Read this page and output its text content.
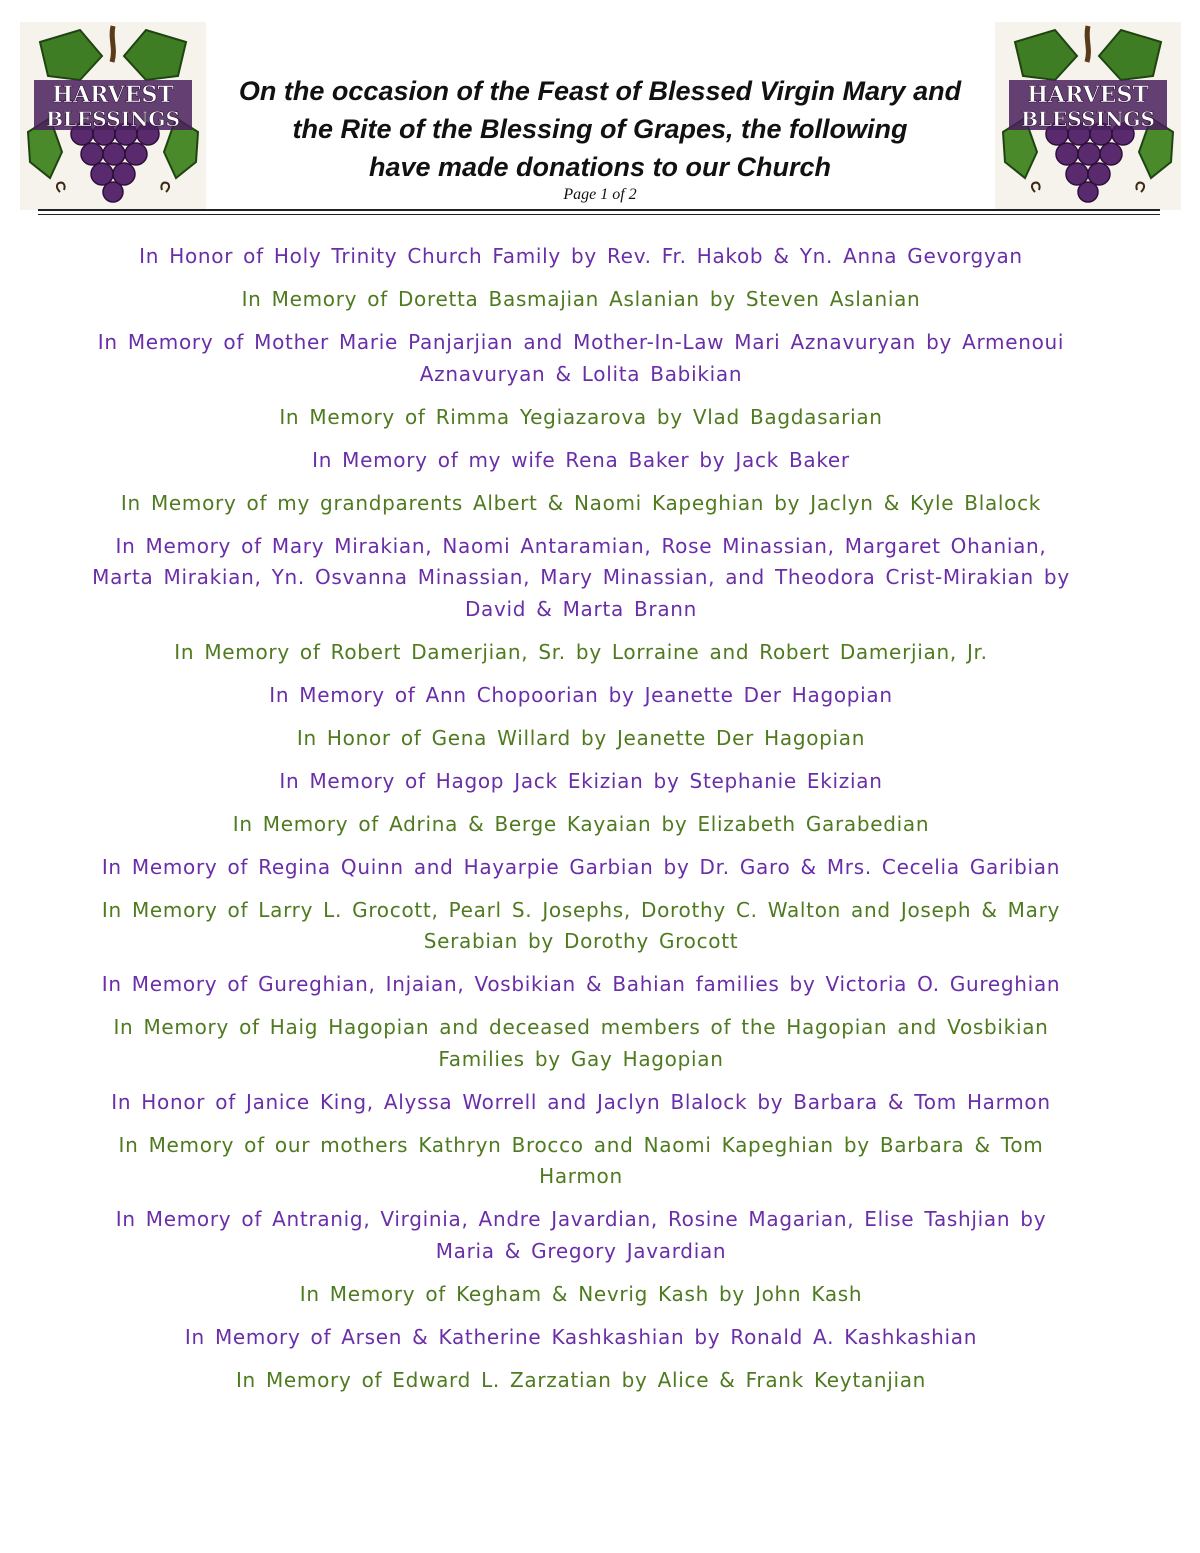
HARVEST
BLESSINGS
On the occasion of the Feast of Blessed Virgin Mary and
the Rite of the Blessing of Grapes, the following
have made donations to our Church
Page 1 of 2
HARVEST
BLESSINGS
In Honor of Holy Trinity Church Family by Rev. Fr. Hakob & Yn. Anna Gevorgyan
In Memory of Doretta Basmajian Aslanian by Steven Aslanian
In Memory of Mother Marie Panjarjian and Mother-In-Law Mari Aznavuryan by Armenoui Aznavuryan & Lolita Babikian
In Memory of Rimma Yegiazarova by Vlad Bagdasarian
In Memory of my wife Rena Baker by Jack Baker
In Memory of my grandparents Albert & Naomi Kapeghian by Jaclyn & Kyle Blalock
In Memory of Mary Mirakian, Naomi Antaramian, Rose Minassian, Margaret Ohanian, Marta Mirakian, Yn. Osvanna Minassian, Mary Minassian, and Theodora Crist-Mirakian by David & Marta Brann
In Memory of Robert Damerjian, Sr. by Lorraine and Robert Damerjian, Jr.
In Memory of Ann Chopoorian by Jeanette Der Hagopian
In Honor of Gena Willard by Jeanette Der Hagopian
In Memory of Hagop Jack Ekizian by Stephanie Ekizian
In Memory of Adrina & Berge Kayaian by Elizabeth Garabedian
In Memory of Regina Quinn and Hayarpie Garbian by Dr. Garo & Mrs. Cecelia Garibian
In Memory of Larry L. Grocott, Pearl S. Josephs, Dorothy C. Walton and Joseph & Mary Serabian by Dorothy Grocott
In Memory of Gureghian, Injaian, Vosbikian & Bahian families by Victoria O. Gureghian
In Memory of Haig Hagopian and deceased members of the Hagopian and Vosbikian Families by Gay Hagopian
In Honor of Janice King, Alyssa Worrell and Jaclyn Blalock by Barbara & Tom Harmon
In Memory of our mothers Kathryn Brocco and Naomi Kapeghian by Barbara & Tom Harmon
In Memory of Antranig, Virginia, Andre Javardian, Rosine Magarian, Elise Tashjian by Maria & Gregory Javardian
In Memory of Kegham & Nevrig Kash by John Kash
In Memory of Arsen & Katherine Kashkashian by Ronald A. Kashkashian
In Memory of Edward L. Zarzatian by Alice & Frank Keytanjian
